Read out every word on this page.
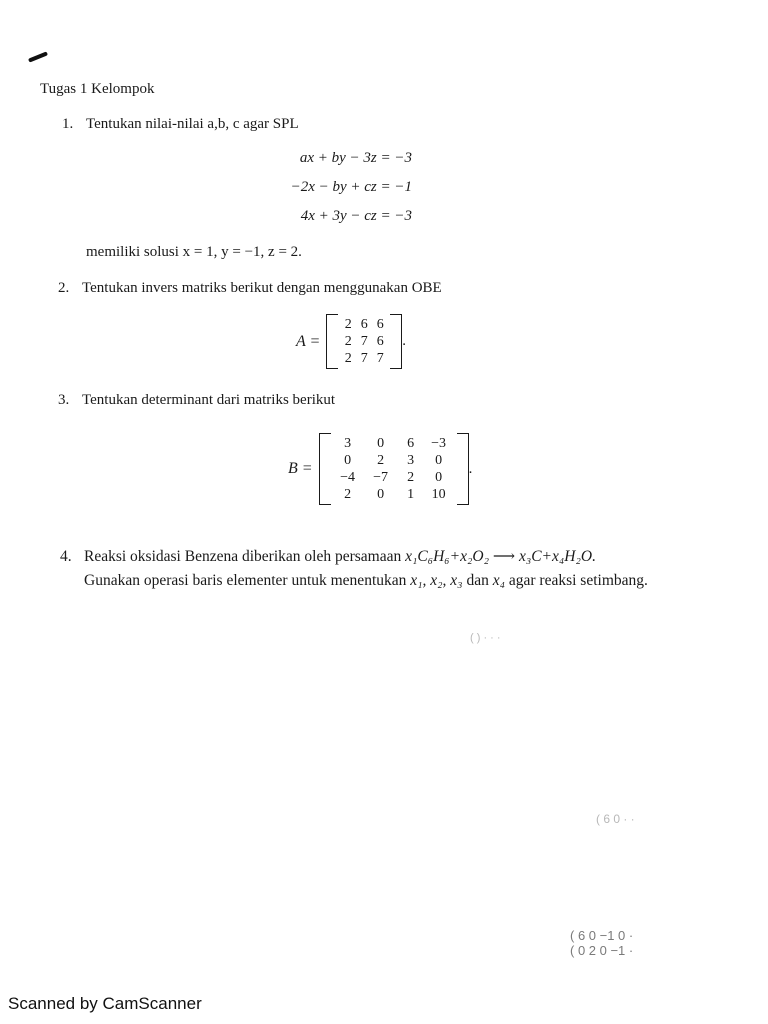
Tugas 1 Kelompok
1. Tentukan nilai-nilai a,b, c agar SPL
ax + by − 3z = −3
−2x − by + cz = −1
4x + 3y − cz = −3
memiliki solusi x = 1, y = −1, z = 2.
2. Tentukan invers matriks berikut dengan menggunakan OBE
A =
2 6 6
2 7 6
2 7 7
.
3. Tentukan determinant dari matriks berikut
B =
3	0	6	−3
0	2	3	0
−4	−7	2	0
2	0	1	10
.
4. Reaksi oksidasi Benzena diberikan oleh persamaan x₁C₆H₆+x₂O₂ ⟶ x₃C+x₄H₂O.
Gunakan operasi baris elementer untuk menentukan x₁, x₂, x₃ dan x₄ agar reaksi setimbang.
( ) · · ·
( 6 0 · ·
( 6 0 −1 0 ·
( 0 2 0 −1 ·
Scanned by CamScanner
